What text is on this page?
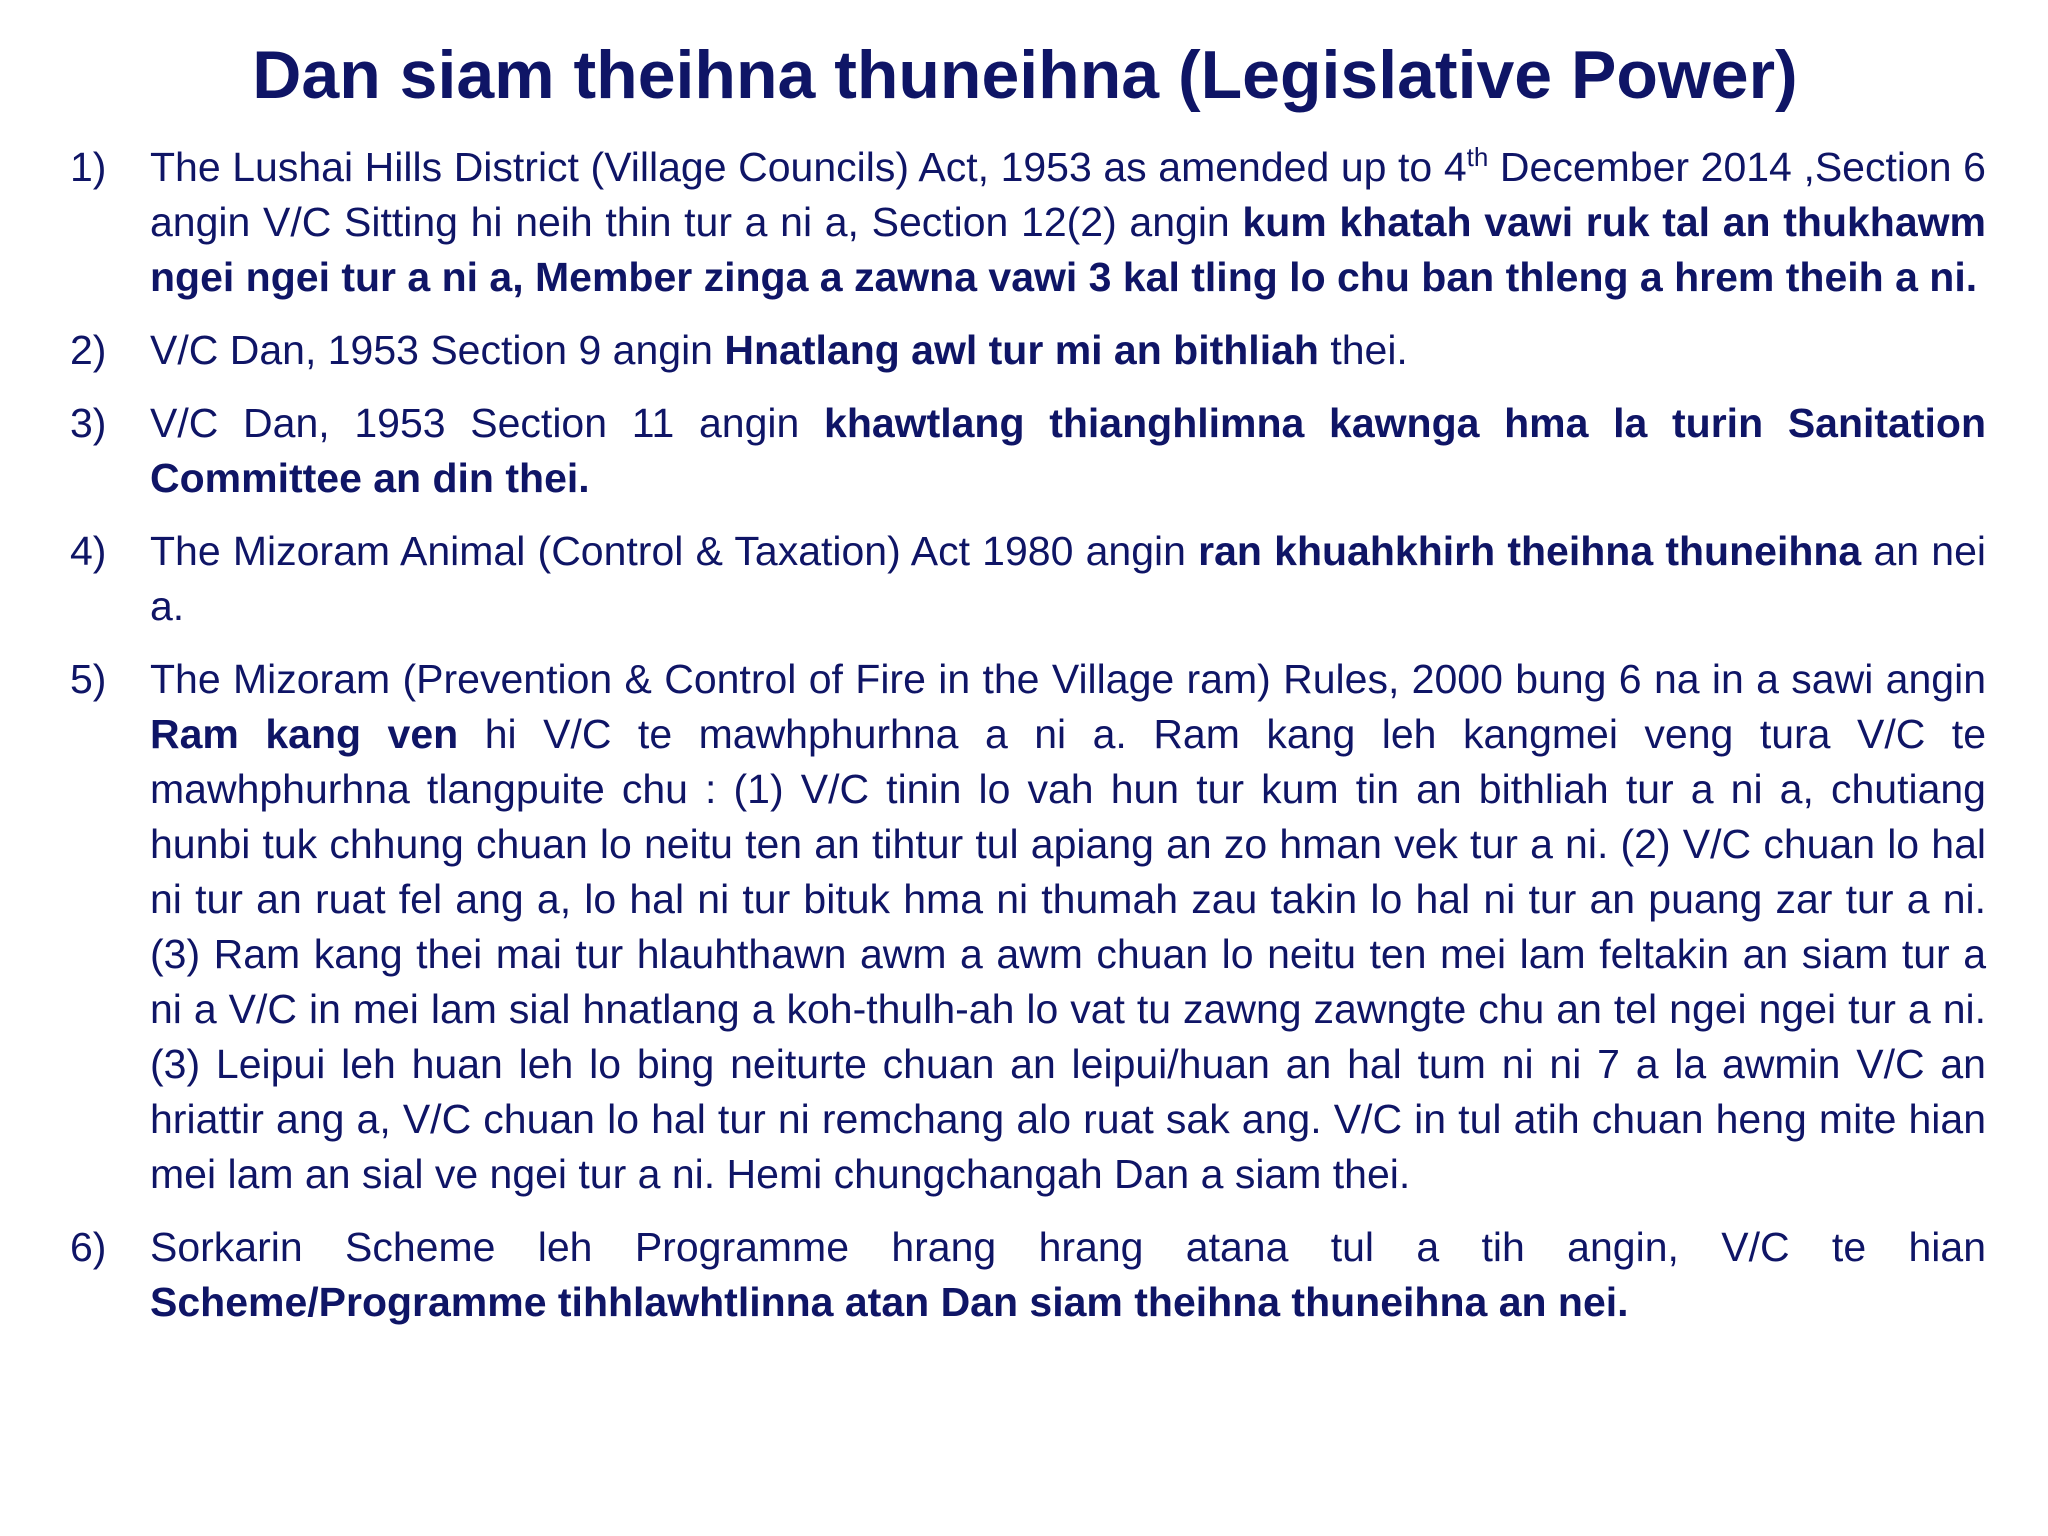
Dan siam theihna thuneihna (Legislative Power)
1) The Lushai Hills District (Village Councils) Act, 1953 as amended up to 4th December 2014 ,Section 6 angin V/C Sitting hi neih thin tur a ni a, Section 12(2) angin kum khatah vawi ruk tal an thukhawm ngei ngei tur a ni a, Member zinga a zawna vawi 3 kal tling lo chu ban thleng a hrem theih a ni.
2) V/C Dan, 1953 Section 9 angin Hnatlang awl tur mi an bithliah thei.
3) V/C Dan, 1953 Section 11 angin khawtlang thianghlimna kawnga hma la turin Sanitation Committee an din thei.
4) The Mizoram Animal (Control & Taxation) Act 1980 angin ran khuahkhirh theihna thuneihna an nei a.
5) The Mizoram (Prevention & Control of Fire in the Village ram) Rules, 2000 bung 6 na in a sawi angin Ram kang ven hi V/C te mawhphurhna a ni a. Ram kang leh kangmei veng tura V/C te mawhphurhna tlangpuite chu : (1) V/C tinin lo vah hun tur kum tin an bithliah tur a ni a, chutiang hunbi tuk chhung chuan lo neitu ten an tihtur tul apiang an zo hman vek tur a ni. (2) V/C chuan lo hal ni tur an ruat fel ang a, lo hal ni tur bituk hma ni thumah zau takin lo hal ni tur an puang zar tur a ni. (3) Ram kang thei mai tur hlauhthawn awm a awm chuan lo neitu ten mei lam feltakin an siam tur a ni a V/C in mei lam sial hnatlang a koh-thulh-ah lo vat tu zawng zawngte chu an tel ngei ngei tur a ni. (3) Leipui leh huan leh lo bing neiturte chuan an leipui/huan an hal tum ni ni 7 a la awmin V/C an hriattir ang a, V/C chuan lo hal tur ni remchang alo ruat sak ang. V/C in tul atih chuan heng mite hian mei lam an sial ve ngei tur a ni. Hemi chungchangah Dan a siam thei.
6) Sorkarin Scheme leh Programme hrang hrang atana tul a tih angin, V/C te hian Scheme/Programme tihhlawhtlinna atan Dan siam theihna thuneihna an nei.
